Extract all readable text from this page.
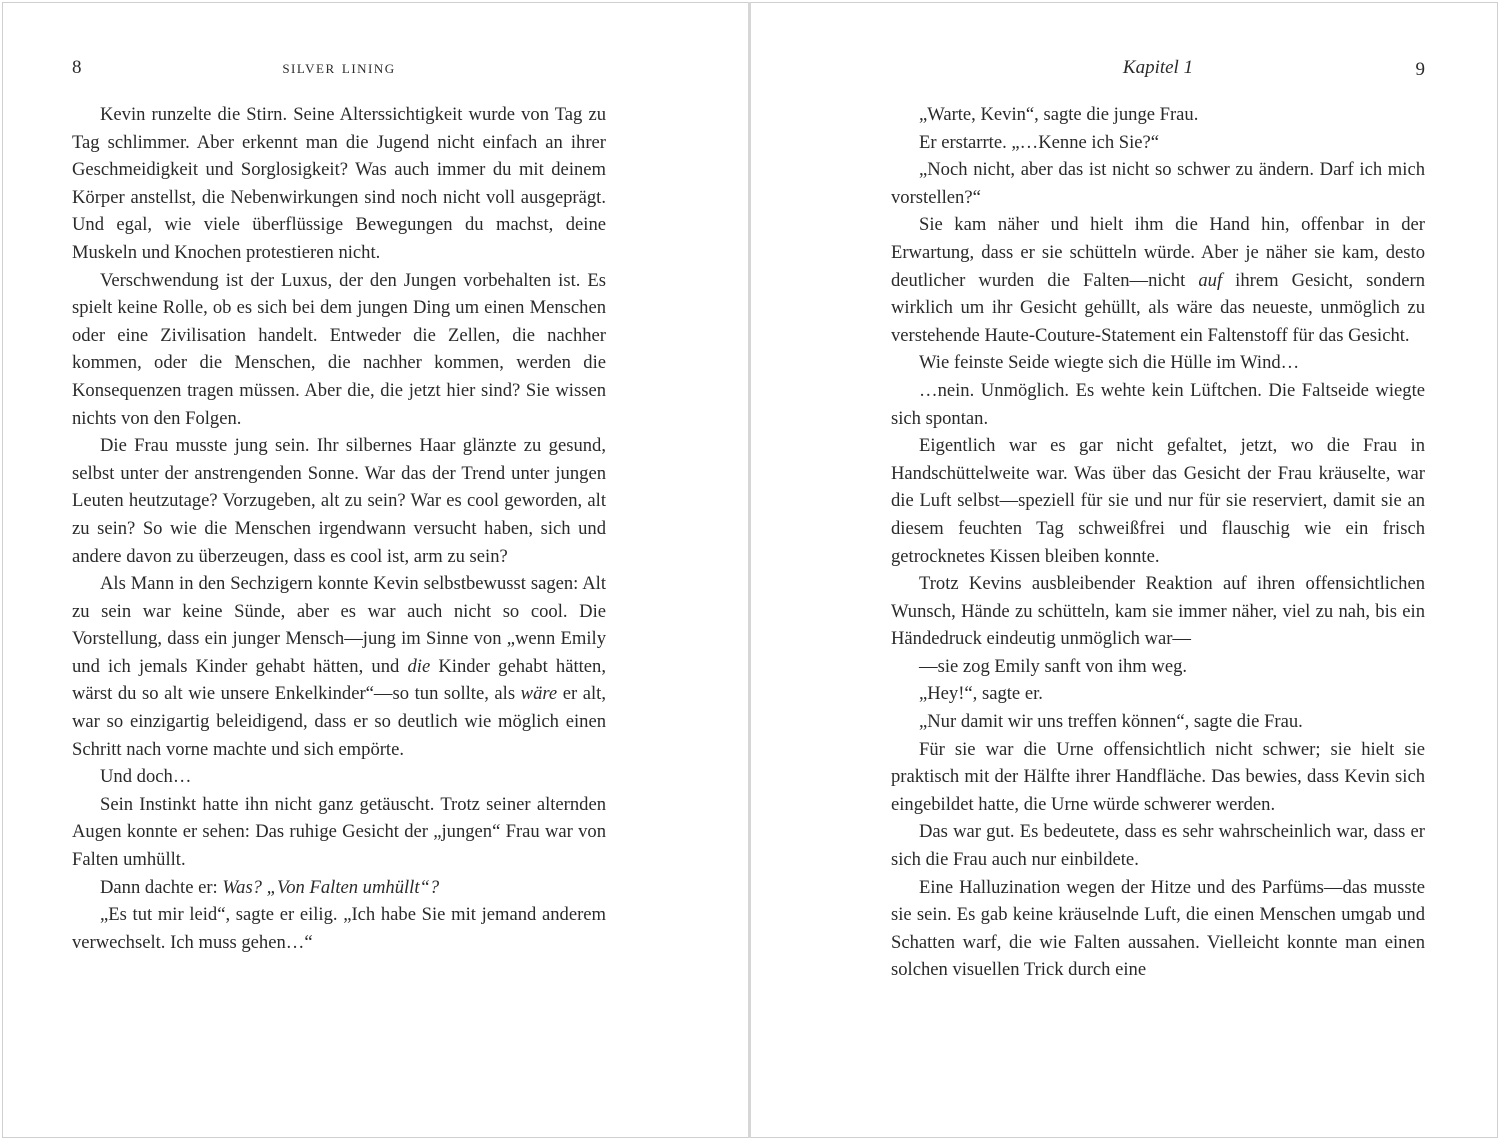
8	silver lining	Kapitel 1	9

Kevin runzelte die Stirn. Seine Alterssichtigkeit wurde von Tag zu Tag schlimmer. Aber erkennt man die Jugend nicht einfach an ihrer Geschmeidigkeit und Sorglosigkeit? Was auch immer du mit deinem Körper anstellst, die Nebenwirkungen sind noch nicht voll ausgeprägt. Und egal, wie viele überflüssige Bewegungen du machst, deine Muskeln und Knochen protestieren nicht.

Verschwendung ist der Luxus, der den Jungen vorbehalten ist. Es spielt keine Rolle, ob es sich bei dem jungen Ding um einen Menschen oder eine Zivilisation handelt. Entweder die Zellen, die nachher kommen, oder die Menschen, die nachher kommen, werden die Konsequenzen tragen müssen. Aber die, die jetzt hier sind? Sie wissen nichts von den Folgen.

Die Frau musste jung sein. Ihr silbernes Haar glänzte zu gesund, selbst unter der anstrengenden Sonne. War das der Trend unter jungen Leuten heutzutage? Vorzugeben, alt zu sein? War es cool geworden, alt zu sein? So wie die Menschen irgendwann versucht haben, sich und andere davon zu überzeugen, dass es cool ist, arm zu sein?

Als Mann in den Sechzigern konnte Kevin selbstbewusst sagen: Alt zu sein war keine Sünde, aber es war auch nicht so cool. Die Vorstellung, dass ein junger Mensch—jung im Sinne von „wenn Emily und ich jemals Kinder gehabt hätten, und die Kinder gehabt hätten, wärst du so alt wie unsere Enkelkinder“—so tun sollte, als wäre er alt, war so einzigartig beleidigend, dass er so deutlich wie möglich einen Schritt nach vorne machte und sich empörte.

Und doch…

Sein Instinkt hatte ihn nicht ganz getäuscht. Trotz seiner alternden Augen konnte er sehen: Das ruhige Gesicht der „jungen“ Frau war von Falten umhüllt.

Dann dachte er: Was? „Von Falten umhüllt“?

„Es tut mir leid“, sagte er eilig. „Ich habe Sie mit jemand anderem verwechselt. Ich muss gehen…“

„Warte, Kevin“, sagte die junge Frau.

Er erstarrte. „…Kenne ich Sie?“

„Noch nicht, aber das ist nicht so schwer zu ändern. Darf ich mich vorstellen?“

Sie kam näher und hielt ihm die Hand hin, offenbar in der Erwartung, dass er sie schütteln würde. Aber je näher sie kam, desto deutlicher wurden die Falten—nicht auf ihrem Gesicht, sondern wirklich um ihr Gesicht gehüllt, als wäre das neueste, unmöglich zu verstehende Haute-Couture-Statement ein Faltenstoff für das Gesicht.

Wie feinste Seide wiegte sich die Hülle im Wind…

…nein. Unmöglich. Es wehte kein Lüftchen. Die Faltseide wiegte sich spontan.

Eigentlich war es gar nicht gefaltet, jetzt, wo die Frau in Handschüttelweite war. Was über das Gesicht der Frau kräuselte, war die Luft selbst—speziell für sie und nur für sie reserviert, damit sie an diesem feuchten Tag schweißfrei und flauschig wie ein frisch getrocknetes Kissen bleiben konnte.

Trotz Kevins ausbleibender Reaktion auf ihren offensichtlichen Wunsch, Hände zu schütteln, kam sie immer näher, viel zu nah, bis ein Händedruck eindeutig unmöglich war—

—sie zog Emily sanft von ihm weg.

„Hey!“, sagte er.

„Nur damit wir uns treffen können“, sagte die Frau.

Für sie war die Urne offensichtlich nicht schwer; sie hielt sie praktisch mit der Hälfte ihrer Handfläche. Das bewies, dass Kevin sich eingebildet hatte, die Urne würde schwerer werden.

Das war gut. Es bedeutete, dass es sehr wahrscheinlich war, dass er sich die Frau auch nur einbildete.

Eine Halluzination wegen der Hitze und des Parfüms—das musste sie sein. Es gab keine kräuselnde Luft, die einen Menschen umgab und Schatten warf, die wie Falten aussahen. Vielleicht konnte man einen solchen visuellen Trick durch eine
